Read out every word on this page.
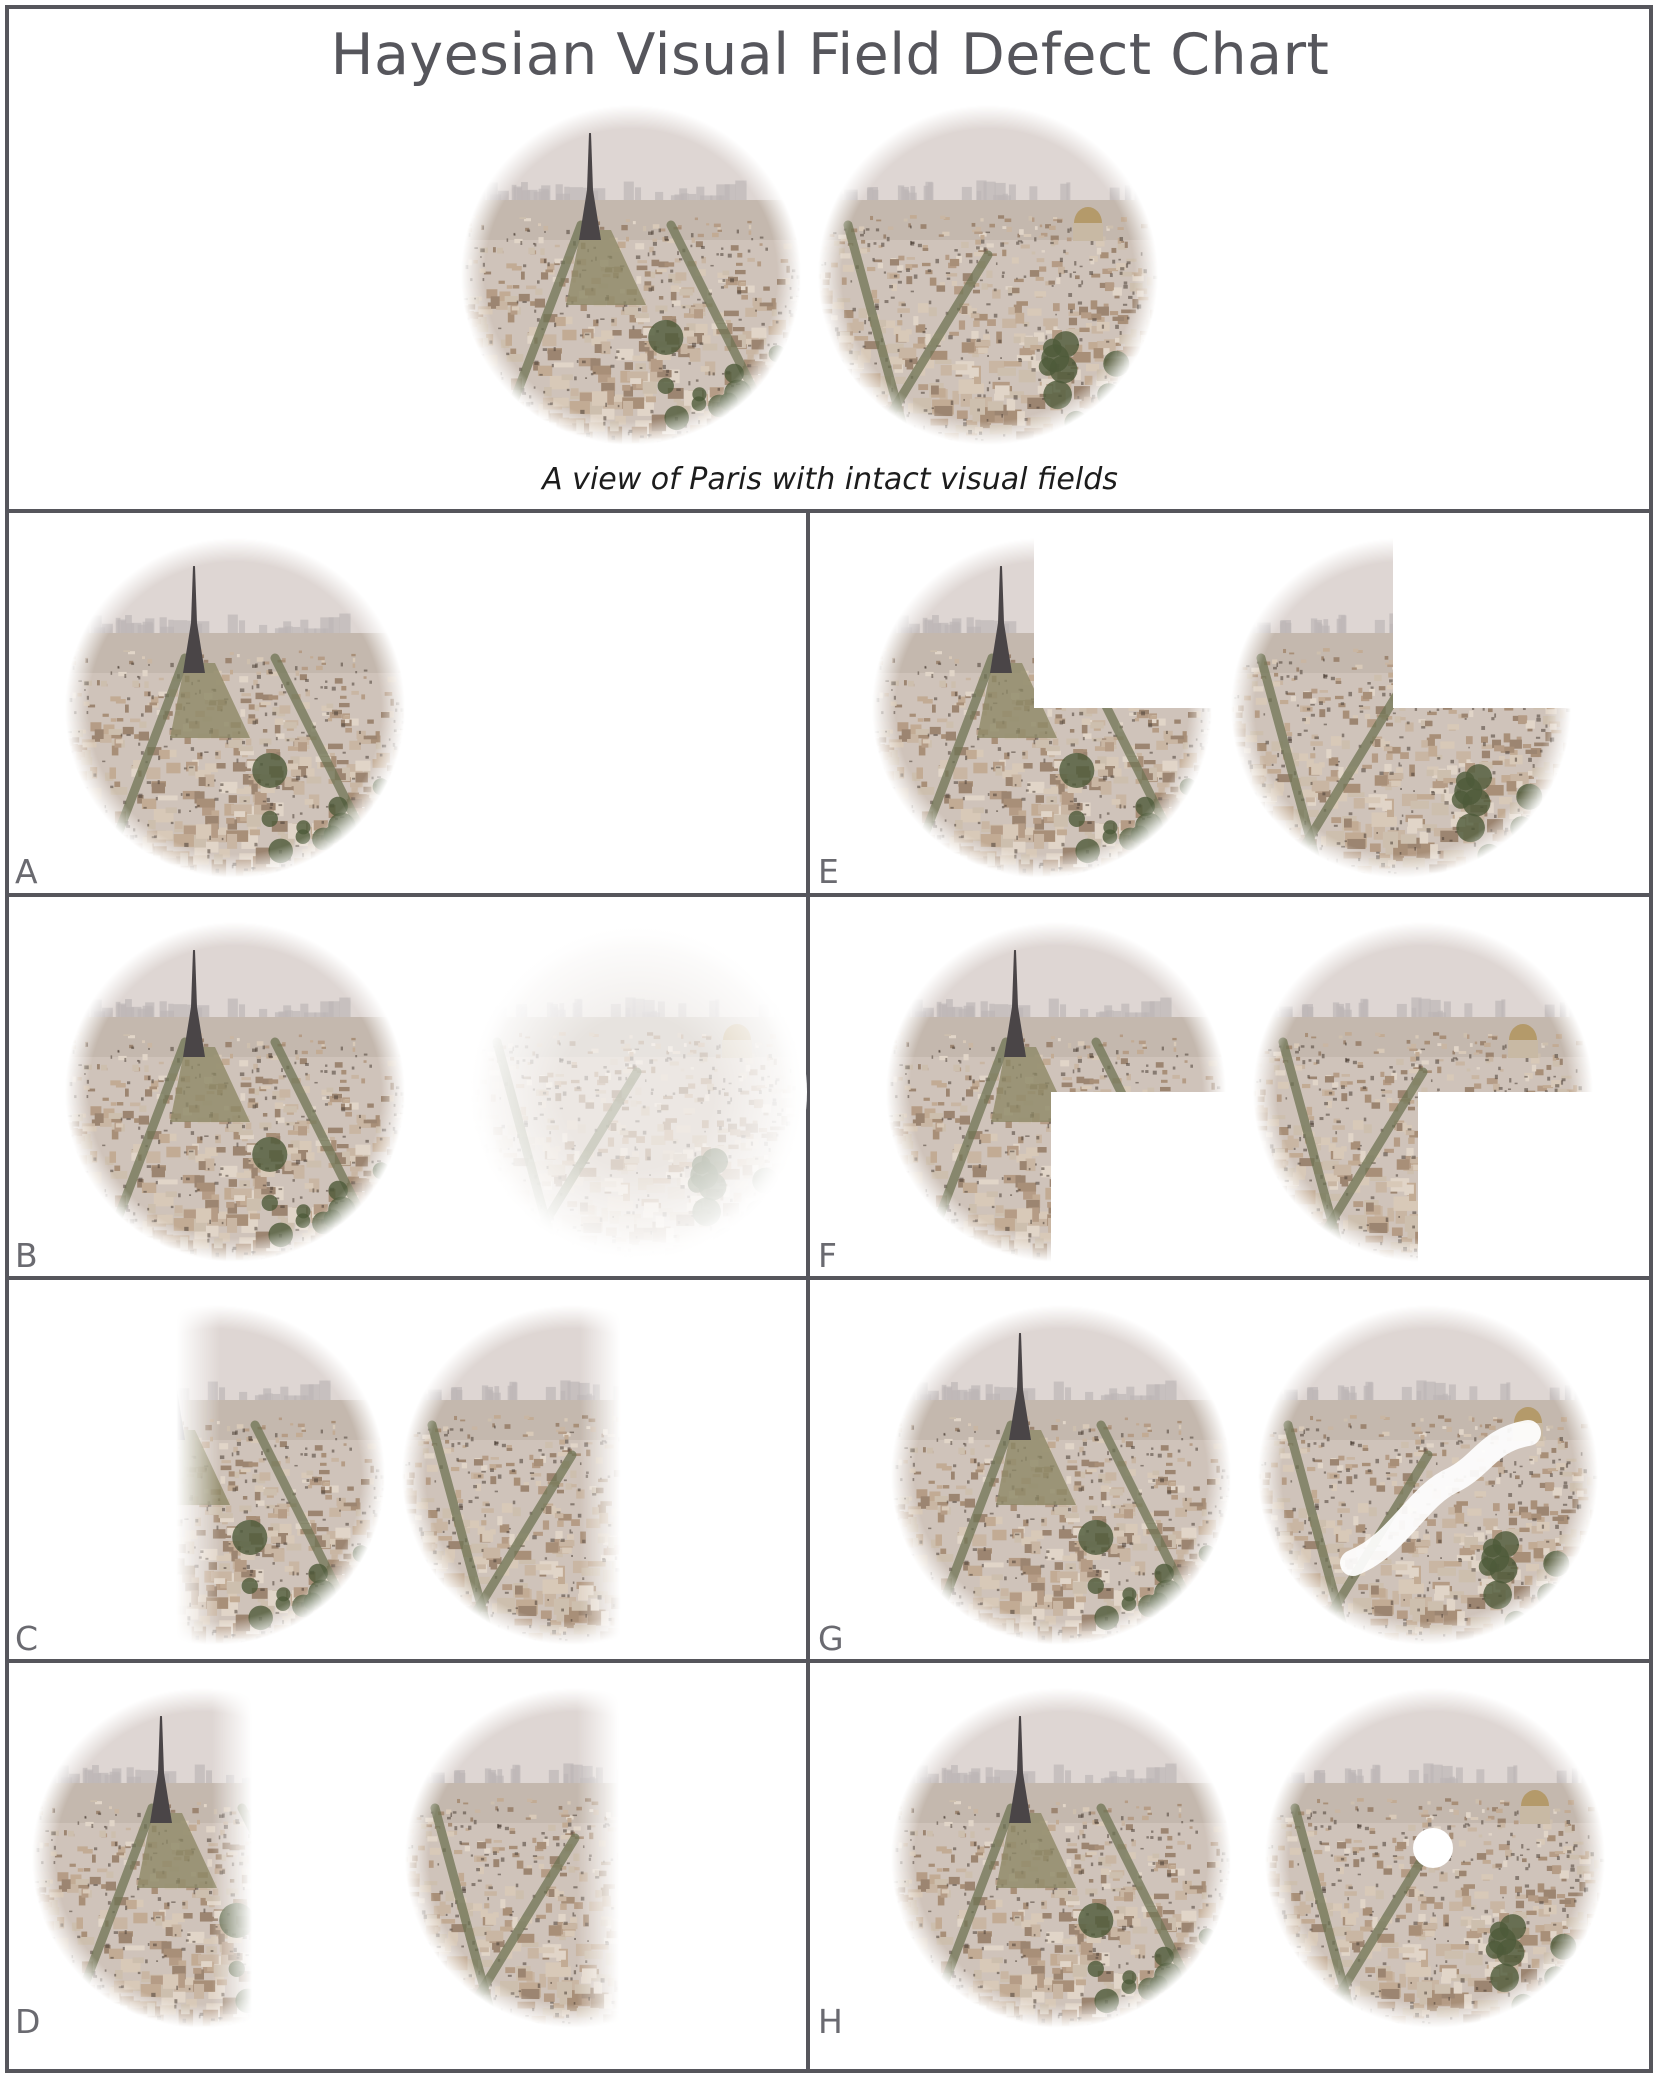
Hayesian Visual Field Defect Chart
A view of Paris with intact visual fields
A	E
B	F
C	G
D	H
